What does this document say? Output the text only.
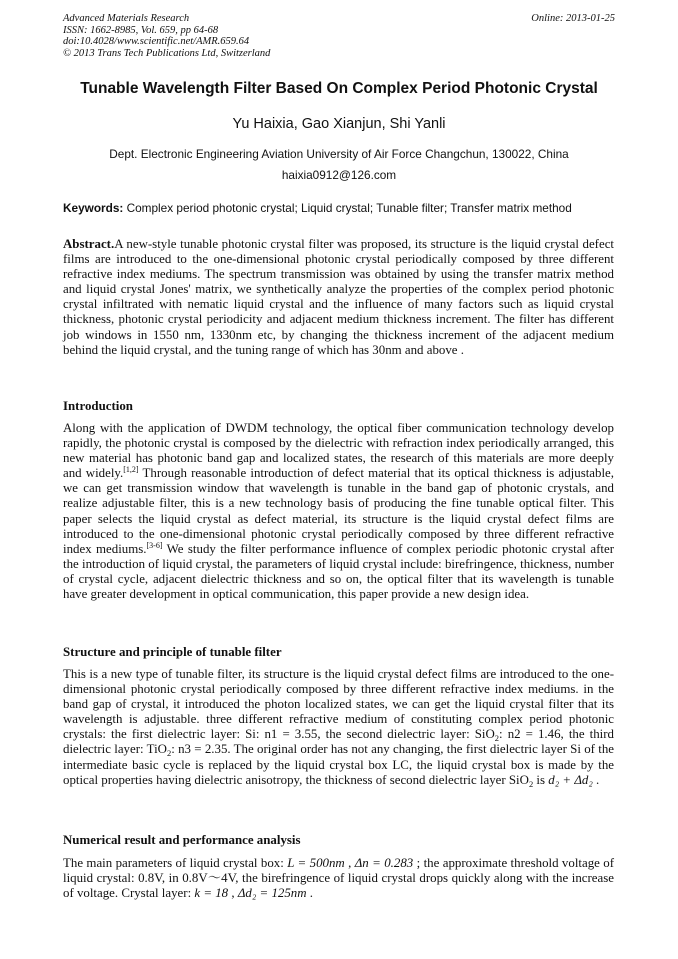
Advanced Materials Research
ISSN: 1662-8985, Vol. 659, pp 64-68
doi:10.4028/www.scientific.net/AMR.659.64
© 2013 Trans Tech Publications Ltd, Switzerland
Online: 2013-01-25
Tunable Wavelength Filter Based On Complex Period Photonic Crystal
Yu Haixia, Gao Xianjun, Shi Yanli
Dept. Electronic Engineering Aviation University of Air Force Changchun, 130022, China
haixia0912@126.com
Keywords: Complex period photonic crystal; Liquid crystal; Tunable filter; Transfer matrix method
Abstract.A new-style tunable photonic crystal filter was proposed, its structure is the liquid crystal defect films are introduced to the one-dimensional photonic crystal periodically composed by three different refractive index mediums. The spectrum transmission was obtained by using the transfer matrix method and liquid crystal Jones' matrix, we synthetically analyze the properties of the complex period photonic crystal infiltrated with nematic liquid crystal and the influence of many factors such as liquid crystal thickness, photonic crystal periodicity and adjacent medium thickness increment. The filter has different job windows in 1550 nm, 1330nm etc, by changing the thickness increment of the adjacent medium behind the liquid crystal, and the tuning range of which has 30nm and above .
Introduction
Along with the application of DWDM technology, the optical fiber communication technology develop rapidly, the photonic crystal is composed by the dielectric with refraction index periodically arranged, this new material has photonic band gap and localized states, the research of this materials are more deeply and widely.[1,2] Through reasonable introduction of defect material that its optical thickness is adjustable, we can get transmission window that wavelength is tunable in the band gap of photonic crystals, and realize adjustable filter, this is a new technology basis of producing the fine tunable optical filter. This paper selects the liquid crystal as defect material, its structure is the liquid crystal defect films are introduced to the one-dimensional photonic crystal periodically composed by three different refractive index mediums.[3-6] We study the filter performance influence of complex periodic photonic crystal after the introduction of liquid crystal, the parameters of liquid crystal include: birefringence, thickness, number of crystal cycle, adjacent dielectric thickness and so on, the optical filter that its wavelength is tunable have greater development in optical communication, this paper provide a new design idea.
Structure and principle of tunable filter
This is a new type of tunable filter, its structure is the liquid crystal defect films are introduced to the one-dimensional photonic crystal periodically composed by three different refractive index mediums. in the band gap of crystal, it introduced the photon localized states, we can get the liquid crystal filter that its wavelength is adjustable. three different refractive medium of constituting complex period photonic crystals: the first dielectric layer: Si: n1 = 3.55, the second dielectric layer: SiO$_2$: n2 = 1.46, the third dielectric layer: TiO$_2$: n3 = 2.35. The original order has not any changing, the first dielectric layer Si of the intermediate basic cycle is replaced by the liquid crystal box LC, the liquid crystal box is made by the optical properties having dielectric anisotropy, the thickness of second dielectric layer SiO$_2$ is d₂ + Δd₂ .
Numerical result and performance analysis
The main parameters of liquid crystal box: L = 500nm , Δn = 0.283 ; the approximate threshold voltage of liquid crystal: 0.8V, in 0.8V～4V, the birefringence of liquid crystal drops quickly along with the increase of voltage. Crystal layer: k = 18 , Δd₂ = 125nm .
